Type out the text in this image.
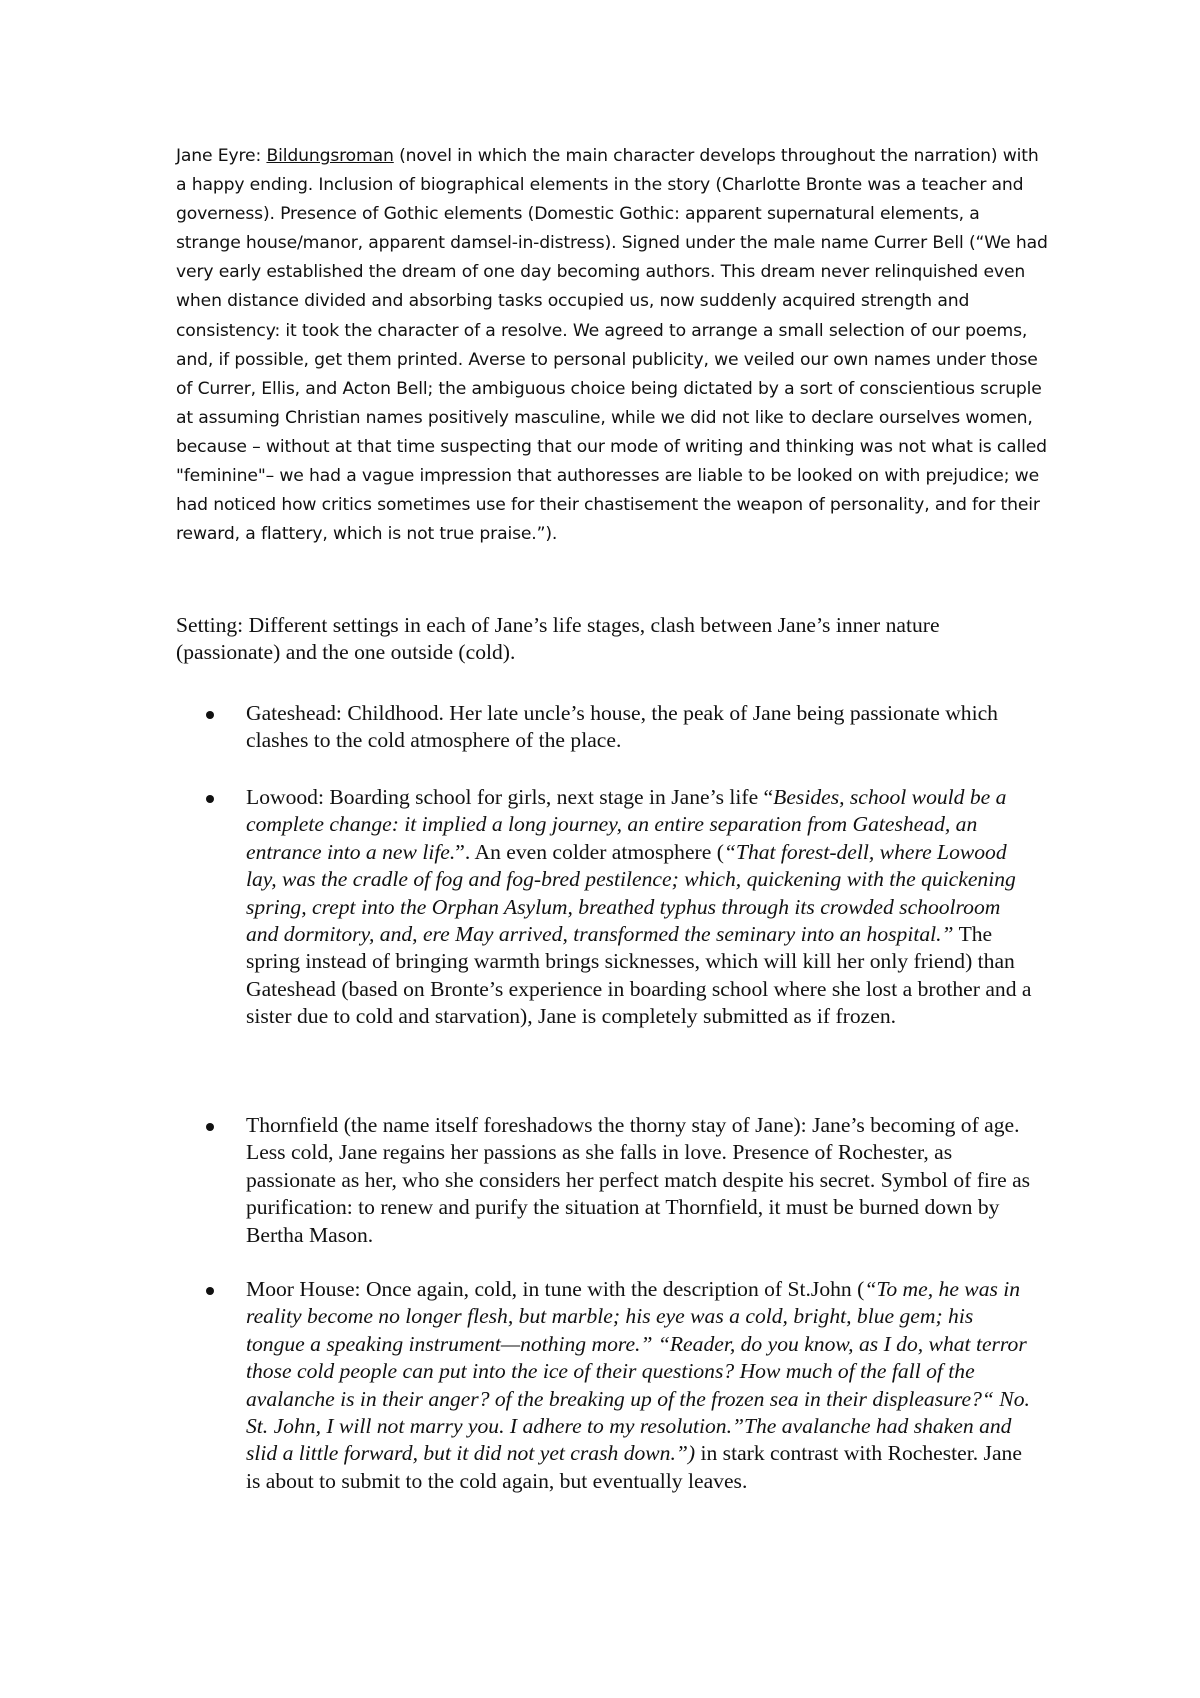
Jane Eyre: Bildungsroman (novel in which the main character develops throughout the narration) with a happy ending. Inclusion of biographical elements in the story (Charlotte Bronte was a teacher and governess). Presence of Gothic elements (Domestic Gothic: apparent supernatural elements, a strange house/manor, apparent damsel-in-distress). Signed under the male name Currer Bell (“We had very early established the dream of one day becoming authors. This dream never relinquished even when distance divided and absorbing tasks occupied us, now suddenly acquired strength and consistency: it took the character of a resolve. We agreed to arrange a small selection of our poems, and, if possible, get them printed. Averse to personal publicity, we veiled our own names under those of Currer, Ellis, and Acton Bell; the ambiguous choice being dictated by a sort of conscientious scruple at assuming Christian names positively masculine, while we did not like to declare ourselves women, because – without at that time suspecting that our mode of writing and thinking was not what is called "feminine"– we had a vague impression that authoresses are liable to be looked on with prejudice; we had noticed how critics sometimes use for their chastisement the weapon of personality, and for their reward, a flattery, which is not true praise.”).

Setting: Different settings in each of Jane’s life stages, clash between Jane’s inner nature (passionate) and the one outside (cold).

Gateshead: Childhood. Her late uncle’s house, the peak of Jane being passionate which clashes to the cold atmosphere of the place.
Lowood: Boarding school for girls, next stage in Jane’s life “Besides, school would be a complete change: it implied a long journey, an entire separation from Gateshead, an entrance into a new life.”. An even colder atmosphere (“That forest-dell, where Lowood lay, was the cradle of fog and fog-bred pestilence; which, quickening with the quickening spring, crept into the Orphan Asylum, breathed typhus through its crowded schoolroom and dormitory, and, ere May arrived, transformed the seminary into an hospital.” The spring instead of bringing warmth brings sicknesses, which will kill her only friend) than Gateshead (based on Bronte’s experience in boarding school where she lost a brother and a sister due to cold and starvation), Jane is completely submitted as if frozen.
Thornfield (the name itself foreshadows the thorny stay of Jane): Jane’s becoming of age. Less cold, Jane regains her passions as she falls in love. Presence of Rochester, as passionate as her, who she considers her perfect match despite his secret. Symbol of fire as purification: to renew and purify the situation at Thornfield, it must be burned down by Bertha Mason.
Moor House: Once again, cold, in tune with the description of St.John (“To me, he was in reality become no longer flesh, but marble; his eye was a cold, bright, blue gem; his tongue a speaking instrument—nothing more.” “Reader, do you know, as I do, what terror those cold people can put into the ice of their questions? How much of the fall of the avalanche is in their anger? of the breaking up of the frozen sea in their displeasure?“ No. St. John, I will not marry you. I adhere to my resolution.”The avalanche had shaken and slid a little forward, but it did not yet crash down.”) in stark contrast with Rochester. Jane is about to submit to the cold again, but eventually leaves.
